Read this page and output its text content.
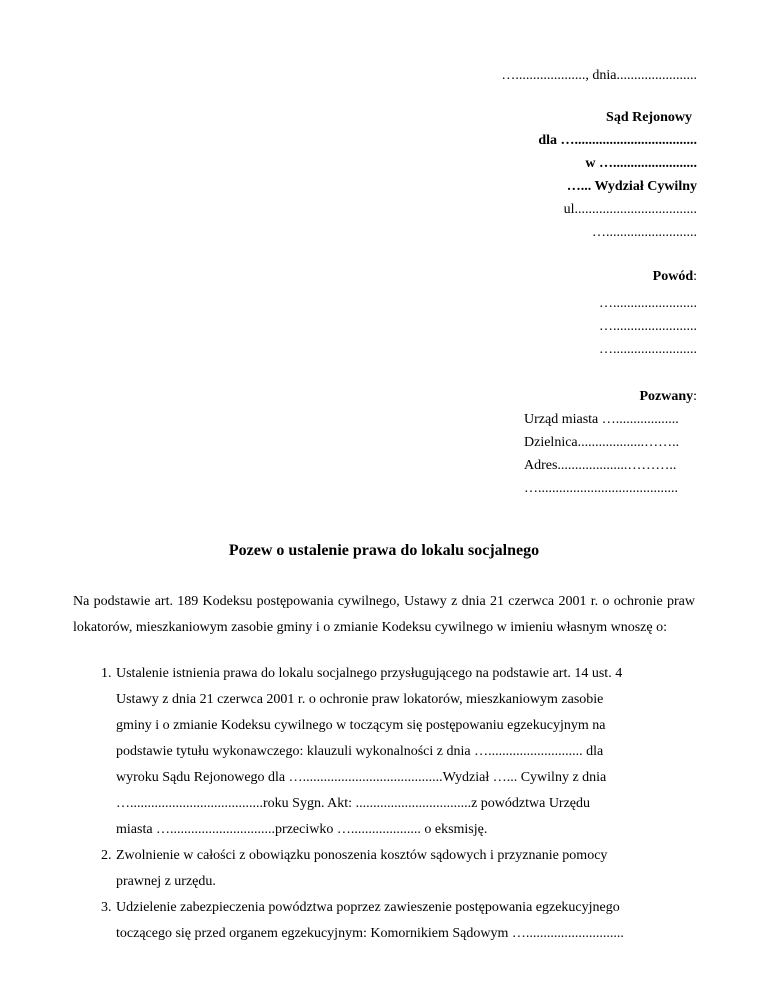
…...................., dnia.......................
Sąd Rejonowy
dla …...................................
w …........................
…... Wydział Cywilny
ul...................................
…..........................
Powód:
…........................
…........................
…........................
Pozwany:
Urząd miasta …..................
Dzielnica...................……..
Adres....................………..
…........................................
Pozew o ustalenie prawa do lokalu socjalnego
Na podstawie art. 189 Kodeksu postępowania cywilnego, Ustawy z dnia 21 czerwca 2001 r. o ochronie praw lokatorów, mieszkaniowym zasobie gminy i o zmianie Kodeksu cywilnego w imieniu własnym wnoszę o:
1. Ustalenie istnienia prawa do lokalu socjalnego przysługującego na podstawie art. 14 ust. 4
Ustawy z dnia 21 czerwca 2001 r. o ochronie praw lokatorów, mieszkaniowym zasobie
gminy i o zmianie Kodeksu cywilnego w toczącym się postępowaniu egzekucyjnym na
podstawie tytułu wykonawczego: klauzuli wykonalności z dnia …........................... dla
wyroku Sądu Rejonowego dla …........................................Wydział …... Cywilny z dnia
…......................................roku Sygn. Akt: .................................z powództwa Urzędu
miasta …..............................przeciwko ….................... o eksmisję.
2. Zwolnienie w całości z obowiązku ponoszenia kosztów sądowych i przyznanie pomocy
prawnej z urzędu.
3. Udzielenie zabezpieczenia powództwa poprzez zawieszenie postępowania egzekucyjnego
toczącego się przed organem egzekucyjnym: Komornikiem Sądowym …............................
